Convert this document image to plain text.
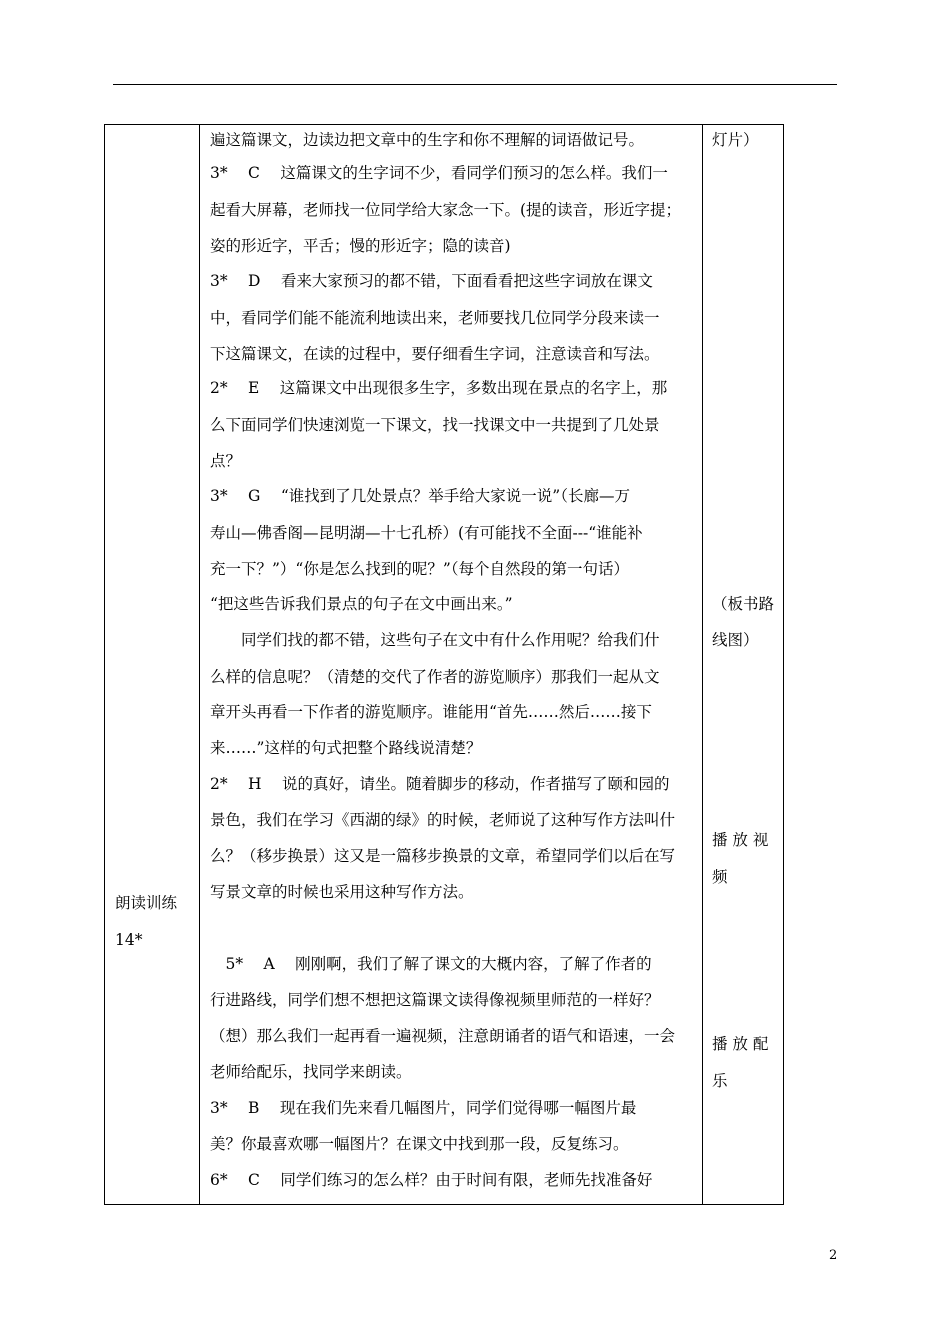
朗读训练
14*
遍这篇课文，边读边把文章中的生字和你不理解的词语做记号。
3*　 C　 这篇课文的生字词不少，看同学们预习的怎么样。我们一
起看大屏幕，老师找一位同学给大家念一下。(提的读音，形近字提；
姿的形近字，平舌；慢的形近字；隐的读音)
3*　 D　 看来大家预习的都不错，下面看看把这些字词放在课文
中，看同学们能不能流利地读出来，老师要找几位同学分段来读一
下这篇课文，在读的过程中，要仔细看生字词，注意读音和写法。
2*　 E　 这篇课文中出现很多生字，多数出现在景点的名字上，那
么下面同学们快速浏览一下课文，找一找课文中一共提到了几处景
点？
3*　 G　 “谁找到了几处景点？举手给大家说一说”（长廊—万
寿山—佛香阁—昆明湖—十七孔桥）(有可能找不全面---“谁能补
充一下？”）“你是怎么找到的呢？”（每个自然段的第一句话）
“把这些告诉我们景点的句子在文中画出来。”
　　同学们找的都不错，这些句子在文中有什么作用呢？给我们什
么样的信息呢？（清楚的交代了作者的游览顺序）那我们一起从文
章开头再看一下作者的游览顺序。谁能用“首先……然后……接下
来……”这样的句式把整个路线说清楚？
2*　 H　 说的真好，请坐。随着脚步的移动，作者描写了颐和园的
景色，我们在学习《西湖的绿》的时候，老师说了这种写作方法叫什
么？（移步换景）这又是一篇移步换景的文章，希望同学们以后在写
写景文章的时候也采用这种写作方法。
　5*　 A　 刚刚啊，我们了解了课文的大概内容，了解了作者的
行进路线，同学们想不想把这篇课文读得像视频里师范的一样好？
（想）那么我们一起再看一遍视频，注意朗诵者的语气和语速，一会
老师给配乐，找同学来朗读。
3*　 B　 现在我们先来看几幅图片，同学们觉得哪一幅图片最
美？你最喜欢哪一幅图片？在课文中找到那一段，反复练习。
6*　 C　 同学们练习的怎么样？由于时间有限，老师先找准备好
灯片）
（板书路
线图）
播 放 视
频
播 放 配
乐
2
